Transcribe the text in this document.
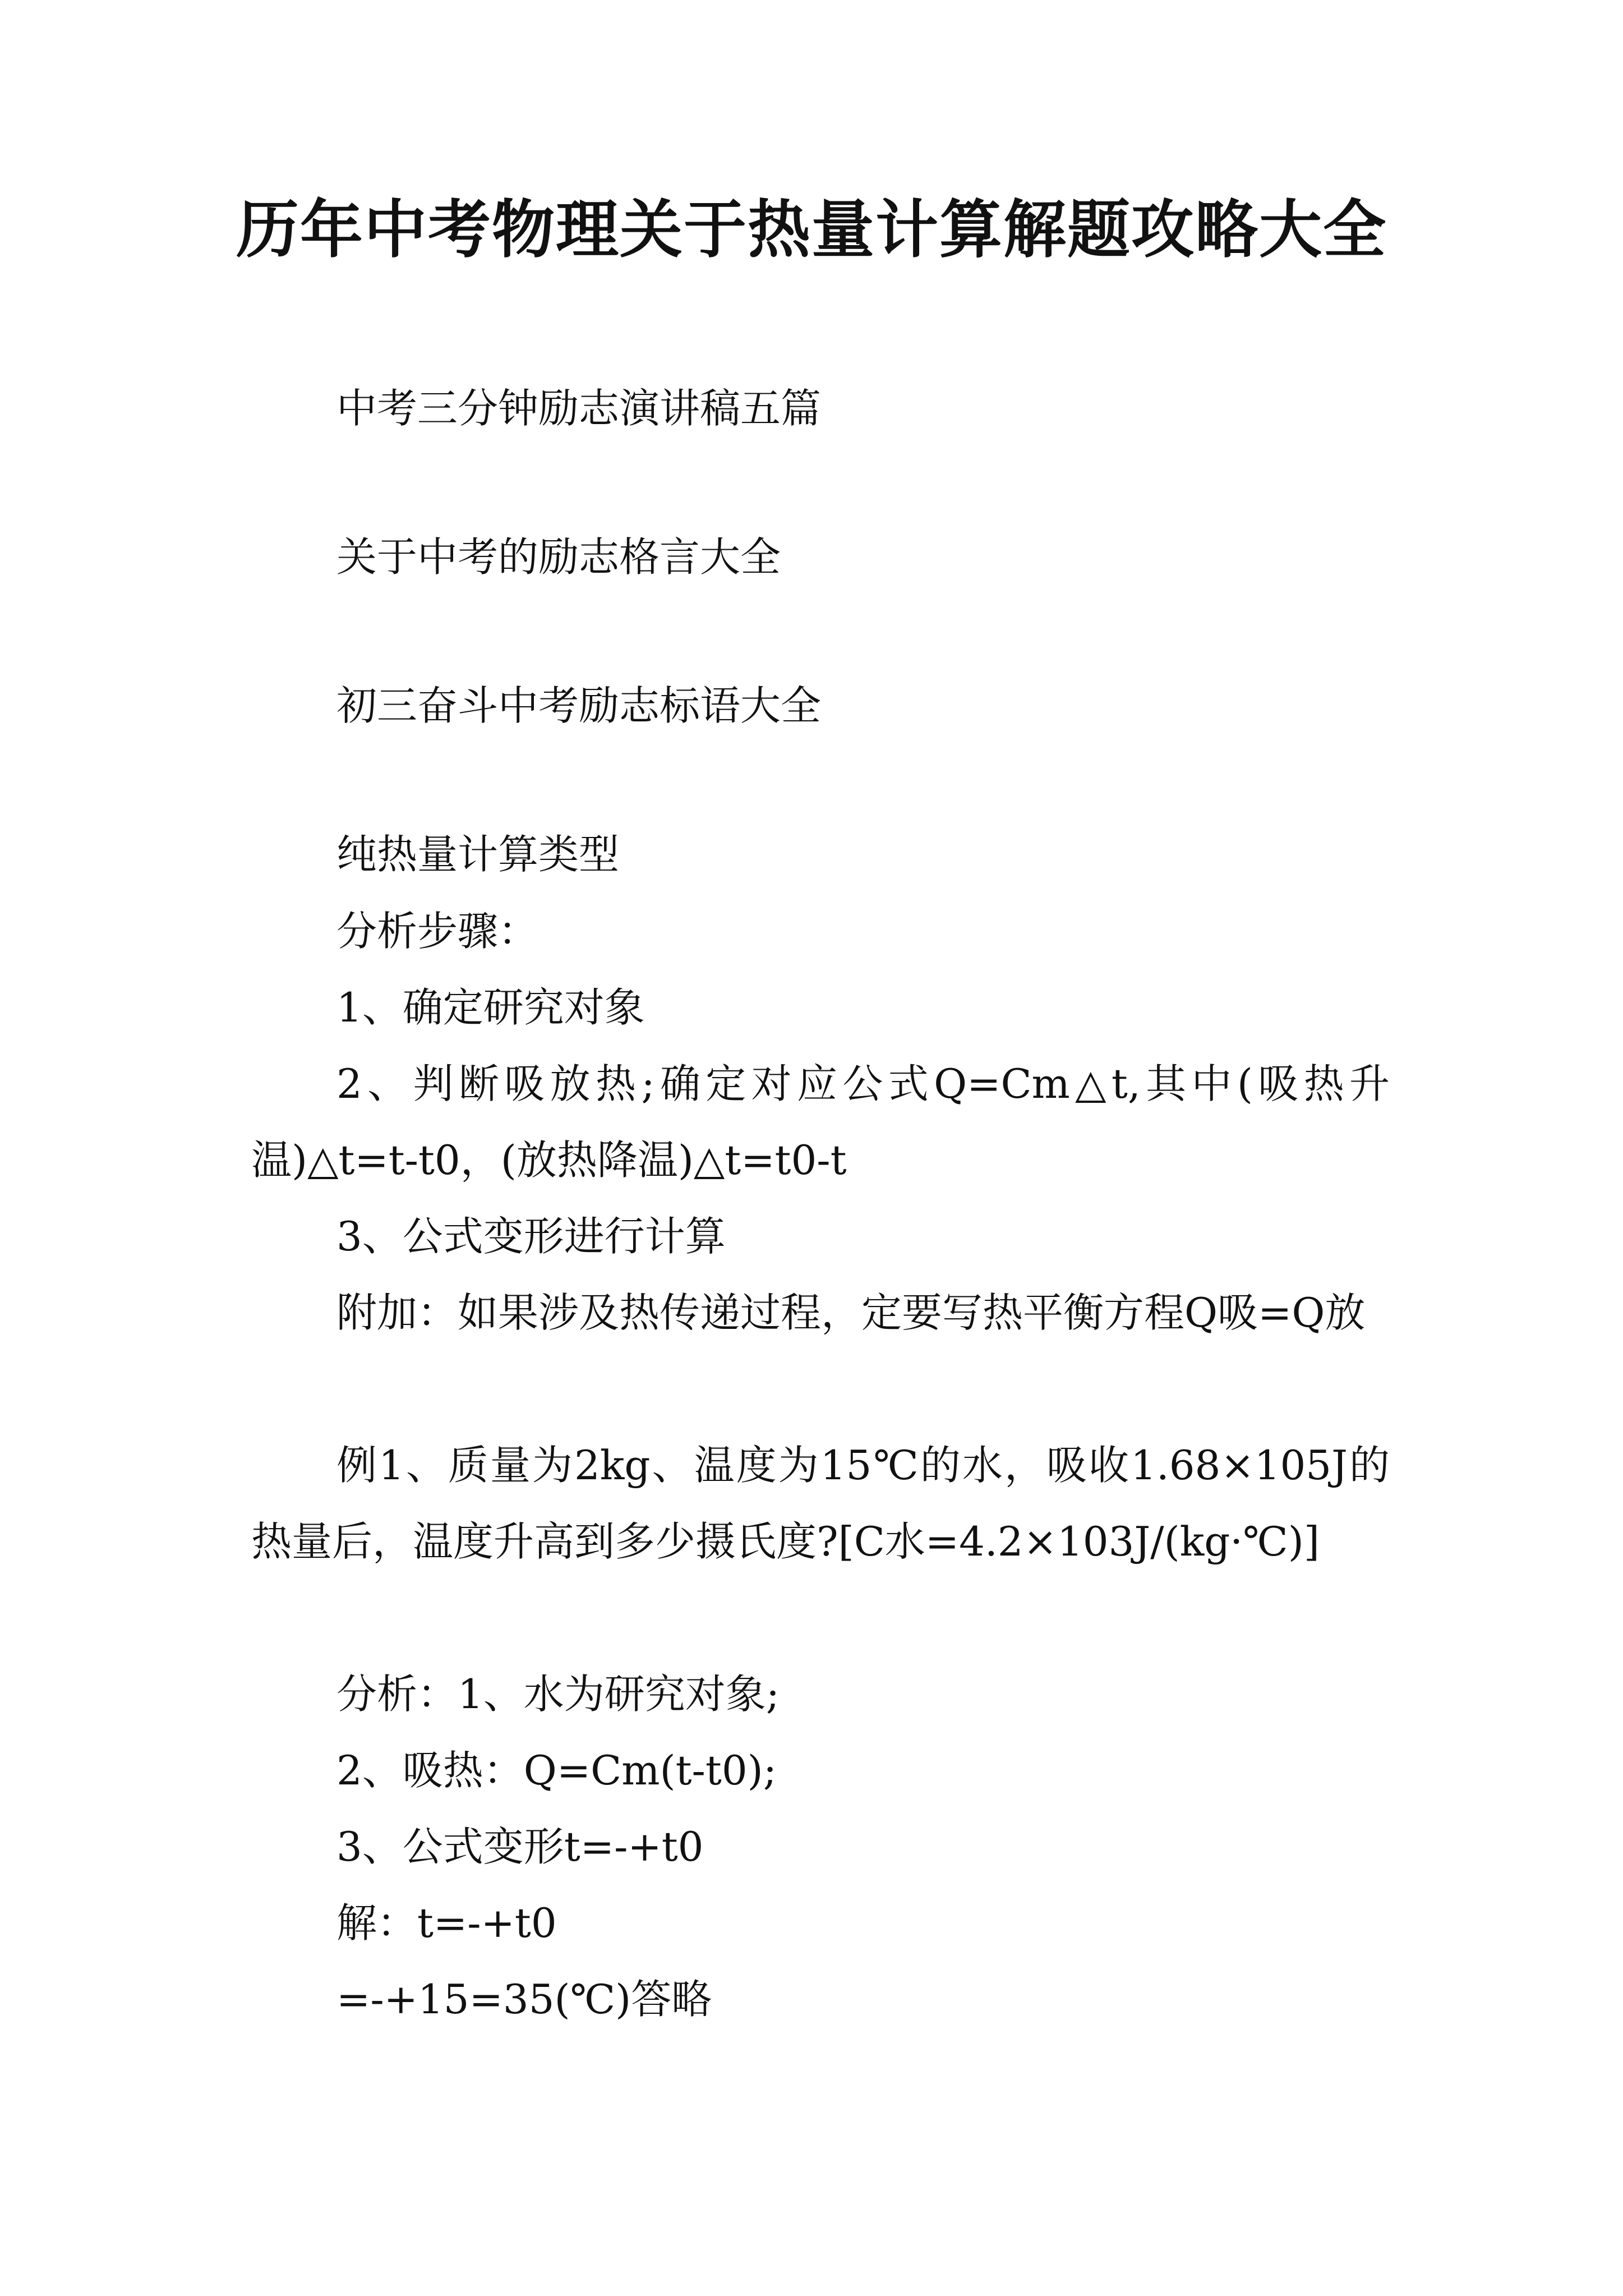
历年中考物理关于热量计算解题攻略大全

中考三分钟励志演讲稿五篇

关于中考的励志格言大全

初三奋斗中考励志标语大全

纯热量计算类型

分析步骤：

1、确定研究对象

2、判断吸放热;确定对应公式Q=Cm△t,其中(吸热升温)△t=t-t0，(放热降温)△t=t0-t

3、公式变形进行计算

附加：如果涉及热传递过程，定要写热平衡方程Q吸=Q放

例1、质量为2kg、温度为15℃的水，吸收1.68×105J的热量后，温度升高到多少摄氏度?[C水=4.2×103J/(kg·℃)]

分析：1、水为研究对象;

2、吸热：Q=Cm(t-t0);

3、公式变形t=-+t0

解：t=-+t0

=-+15=35(℃)答略
